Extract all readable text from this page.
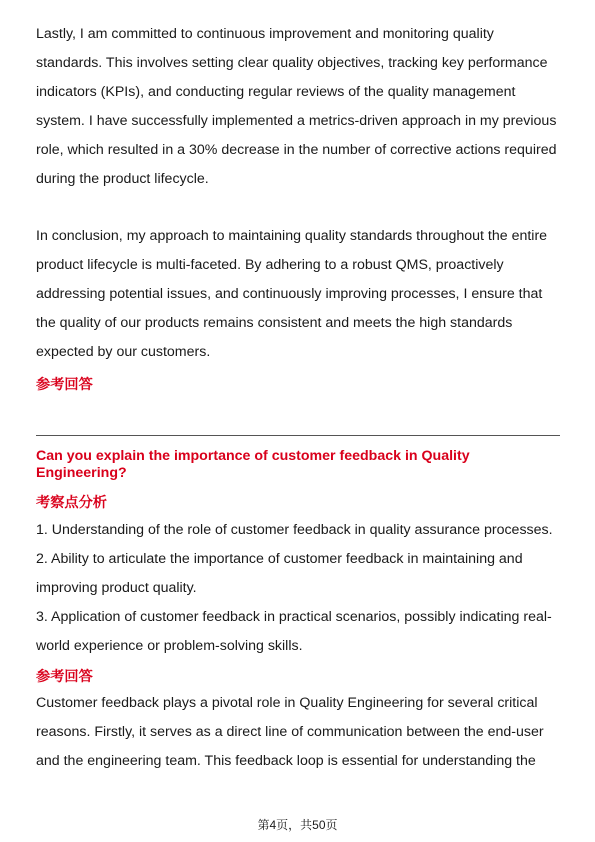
Lastly, I am committed to continuous improvement and monitoring quality standards. This involves setting clear quality objectives, tracking key performance indicators (KPIs), and conducting regular reviews of the quality management system. I have successfully implemented a metrics-driven approach in my previous role, which resulted in a 30% decrease in the number of corrective actions required during the product lifecycle.

In conclusion, my approach to maintaining quality standards throughout the entire product lifecycle is multi-faceted. By adhering to a robust QMS, proactively addressing potential issues, and continuously improving processes, I ensure that the quality of our products remains consistent and meets the high standards expected by our customers.

参考回答

Can you explain the importance of customer feedback in Quality Engineering?

考察点分析

1. Understanding of the role of customer feedback in quality assurance processes.

2. Ability to articulate the importance of customer feedback in maintaining and improving product quality.

3. Application of customer feedback in practical scenarios, possibly indicating real-world experience or problem-solving skills.

参考回答

Customer feedback plays a pivotal role in Quality Engineering for several critical reasons. Firstly, it serves as a direct line of communication between the end-user and the engineering team. This feedback loop is essential for understanding the

第4页，共50页
